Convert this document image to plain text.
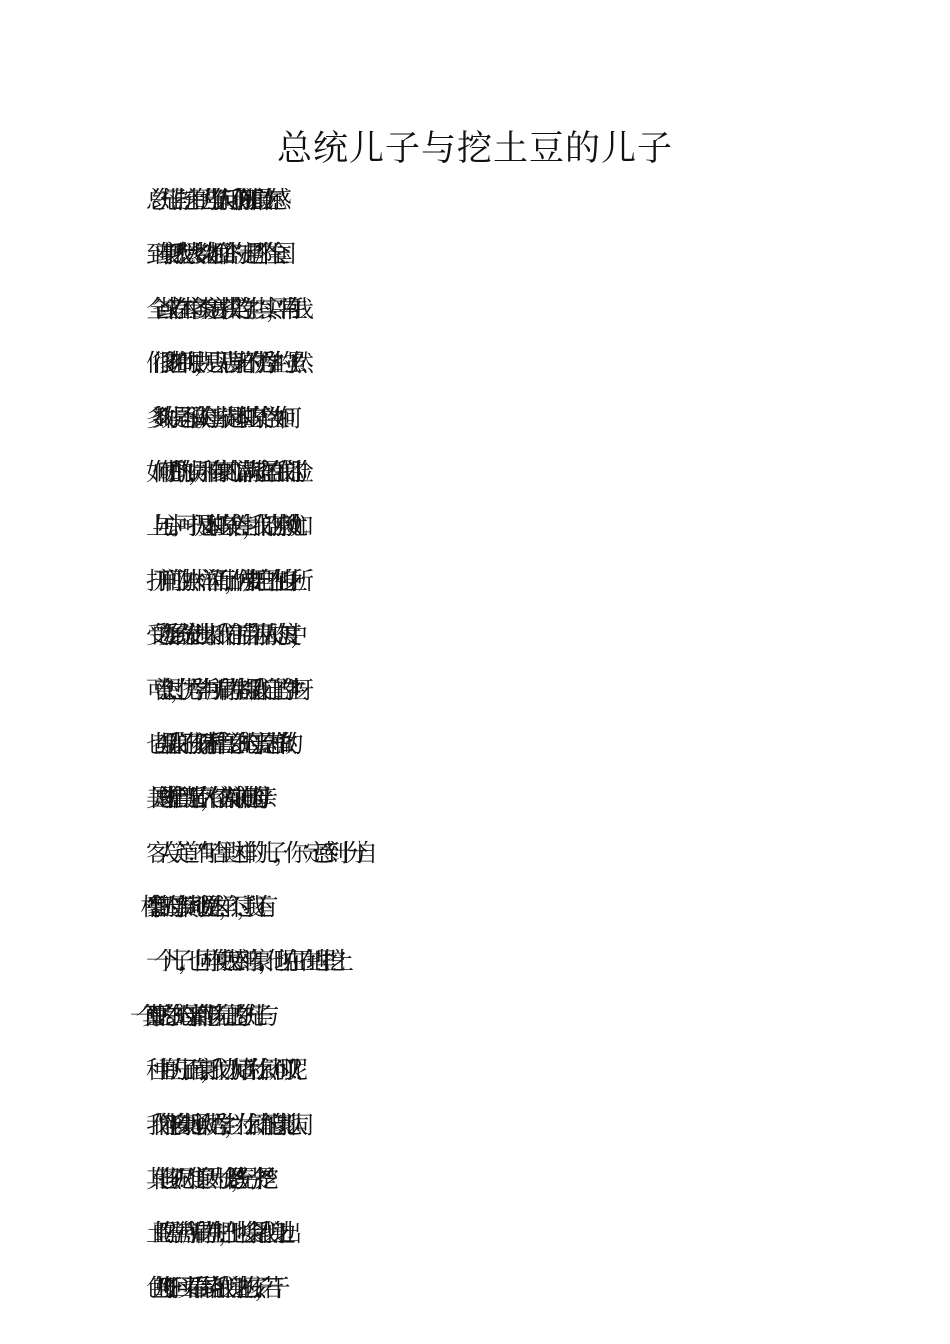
总统儿子与挖土豆的儿子
总统儿子与挖土豆的儿子 当有人问我们“你班谁最让你感
到自豪呀？”我想大多数老师回答的一定是哪个在全国、
全省或者在本市各类竞赛中获奖的学生。其实，平常在我
们很多老师的眼中，是只见满身光环的优秀学生的（虽然
多数时候是不承认的）。每当一提起本班的某个学生如何
如何优秀的时候，那种自豪的心情满满地充盈在我们的脸
上与心中。可一提及本班的某个差生，我们的苦水就犹如
打开闸门的洪水一样汹涌而出，仿佛要把自己在他身上所
受的委屈统统发泄出来。我们在前后判若两人的态度中，
可曾想过，优秀学生与所谓的差生都是我们自己的学生呀
也都是我们的孩子呀。 请看杜鲁门总统的母亲是怎样做的：
美国总统杜鲁门当选后不久，有位客人前来访问他的母亲。
客人笑道：“有哈里这样的儿子，你一定感到十分自
豪。”杜鲁门的母亲赞同地说：“是这样，不过，我还有
一个儿子，也同样使我感到自豪，他现在正在地里挖土
豆。” 一个真正的总统的母亲都能够为自己的总统儿子与
种土豆的儿子而自豪，我们为人师者为什么就不可以呢？
我们能够自豪地承认优秀学生，为什么就不能自豪地认同
其他孩子呢！难道只因为一个是“总统”，另一个是“挖
土豆”的吗？善待所谓的差生吧，他也将会是我们身边出
色的“儿子”呀！回头看看围绕在我们身边的孩子，若干
